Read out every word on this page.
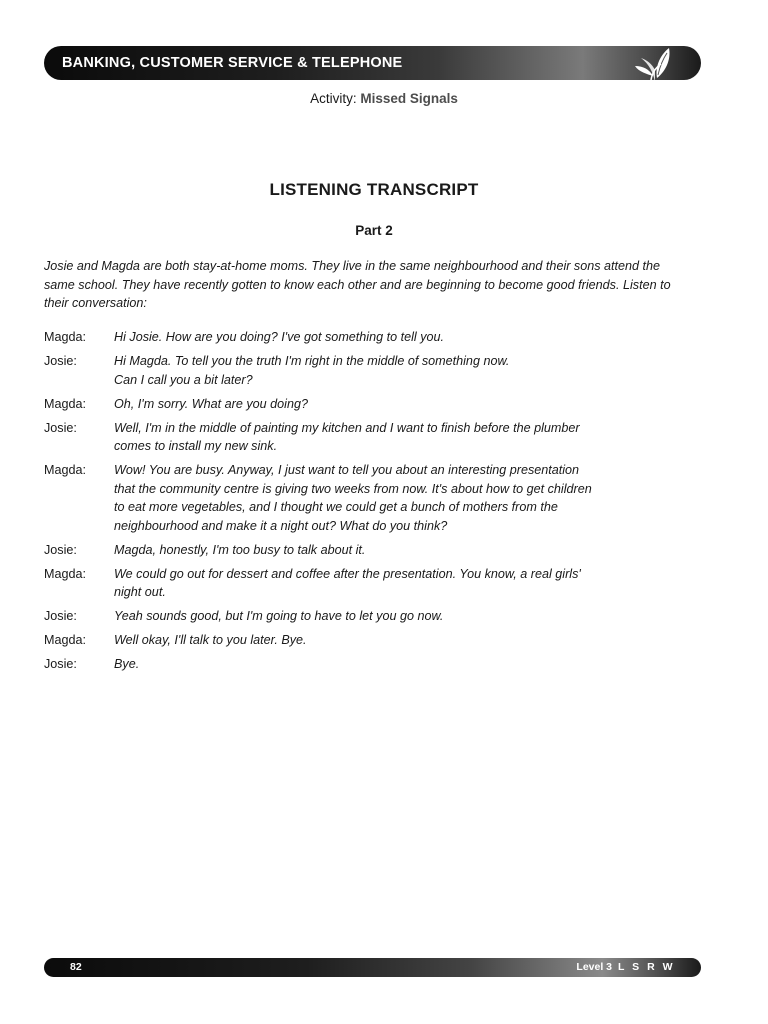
BANKING, CUSTOMER SERVICE & TELEPHONE
Activity: Missed Signals
LISTENING TRANSCRIPT
Part 2
Josie and Magda are both stay-at-home moms. They live in the same neighbourhood and their sons attend the same school. They have recently gotten to know each other and are beginning to become good friends. Listen to their conversation:
Magda:	Hi Josie. How are you doing? I've got something to tell you.
Josie:	Hi Magda. To tell you the truth I'm right in the middle of something now.
Can I call you a bit later?
Magda:	Oh, I'm sorry. What are you doing?
Josie:	Well, I'm in the middle of painting my kitchen and I want to finish before the plumber
comes to install my new sink.
Magda:	Wow! You are busy. Anyway, I just want to tell you about an interesting presentation
that the community centre is giving two weeks from now. It's about how to get children
to eat more vegetables, and I thought we could get a bunch of mothers from the
neighbourhood and make it a night out? What do you think?
Josie:	Magda, honestly, I'm too busy to talk about it.
Magda:	We could go out for dessert and coffee after the presentation. You know, a real girls'
night out.
Josie:	Yeah sounds good, but I'm going to have to let you go now.
Magda:	Well okay, I'll talk to you later. Bye.
Josie:	Bye.
82	Level 3 L S R W
